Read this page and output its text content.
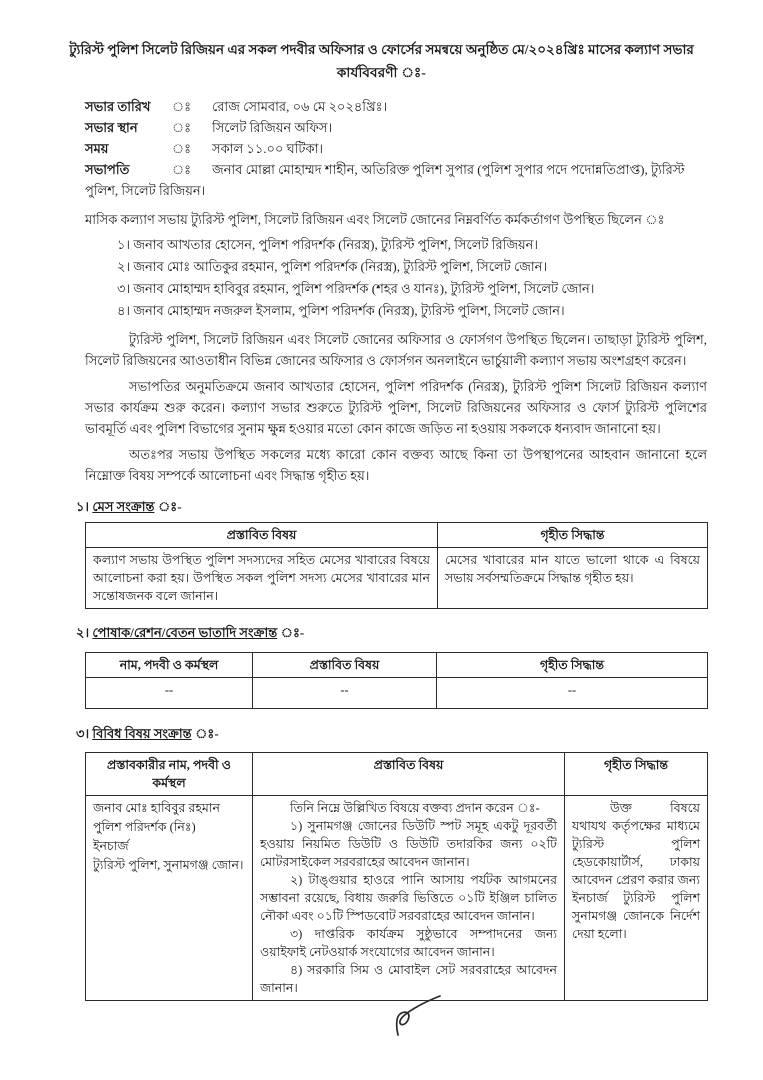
ট্যুরিস্ট পুলিশ সিলেট রিজিয়ন এর সকল পদবীর অফিসার ও ফোর্সের সমন্বয়ে অনুষ্ঠিত মে/২০২৪খ্রিঃ মাসের কল্যাণ সভার
কার্যবিবরণী ঃ-
সভার তারিখ ঃ রোজ সোমবার, ০৬ মে ২০২৪খ্রিঃ।
সভার স্থান	ঃ সিলেট রিজিয়ন অফিস।
সময়	ঃ সকাল ১১.০০ ঘটিকা।
সভাপতি	ঃ জনাব মোল্লা মোহাম্মদ শাহীন, অতিরিক্ত পুলিশ সুপার (পুলিশ সুপার পদে পদোন্নতিপ্রাপ্ত), ট্যুরিস্ট পুলিশ, সিলেট রিজিয়ন।
মাসিক কল্যাণ সভায় ট্যুরিস্ট পুলিশ, সিলেট রিজিয়ন এবং সিলেট জোনের নিম্নবর্ণিত কর্মকর্তাগণ উপস্থিত ছিলেন ঃ
১। জনাব আখতার হোসেন, পুলিশ পরিদর্শক (নিরস্ত্র), ট্যুরিস্ট পুলিশ, সিলেট রিজিয়ন।
২। জনাব মোঃ আতিকুর রহমান, পুলিশ পরিদর্শক (নিরস্ত্র), ট্যুরিস্ট পুলিশ, সিলেট জোন।
৩। জনাব মোহাম্মদ হাবিবুর রহমান, পুলিশ পরিদর্শক (শহর ও যানঃ), ট্যুরিস্ট পুলিশ, সিলেট জোন।
৪। জনাব মোহাম্মদ নজরুল ইসলাম, পুলিশ পরিদর্শক (নিরস্ত্র), ট্যুরিস্ট পুলিশ, সিলেট জোন।
ট্যুরিস্ট পুলিশ, সিলেট রিজিয়ন এবং সিলেট জোনের অফিসার ও ফোর্সগণ উপস্থিত ছিলেন। তাছাড়া ট্যুরিস্ট পুলিশ, সিলেট রিজিয়নের আওতাধীন বিভিন্ন জোনের অফিসার ও ফোর্সগন অনলাইনে ভার্চুয়ালী কল্যাণ সভায় অংশগ্রহণ করেন।
সভাপতির অনুমতিক্রমে জনাব আখতার হোসেন, পুলিশ পরিদর্শক (নিরস্ত্র), ট্যুরিস্ট পুলিশ সিলেট রিজিয়ন কল্যাণ সভার কার্যক্রম শুরু করেন। কল্যাণ সভার শুরুতে ট্যুরিস্ট পুলিশ, সিলেট রিজিয়নের অফিসার ও ফোর্স ট্যুরিস্ট পুলিশের ভাবমূর্তি এবং পুলিশ বিভাগের সুনাম ক্ষুন্ন হওয়ার মতো কোন কাজে জড়িত না হওয়ায় সকলকে ধন্যবাদ জানানো হয়।
অতঃপর সভায় উপস্থিত সকলের মধ্যে কারো কোন বক্তব্য আছে কিনা তা উপস্থাপনের আহবান জানানো হলে নিম্নোক্ত বিষয় সম্পর্কে আলোচনা এবং সিদ্ধান্ত গৃহীত হয়।
১। মেস সংক্রান্ত ঃ-
প্রস্তাবিত বিষয়	গৃহীত সিদ্ধান্ত
কল্যাণ সভায় উপস্থিত পুলিশ সদস্যদের সহিত মেসের খাবারের বিষয়ে আলোচনা করা হয়। উপস্থিত সকল পুলিশ সদস্য মেসের খাবারের মান সন্তোষজনক বলে জানান।	মেসের খাবারের মান যাতে ভালো থাকে এ বিষয়ে সভায় সর্বসম্মতিক্রমে সিদ্ধান্ত গৃহীত হয়।
২। পোষাক/রেশন/বেতন ভাতাদি সংক্রান্ত ঃ-
নাম, পদবী ও কর্মস্থল	প্রস্তাবিত বিষয়	গৃহীত সিদ্ধান্ত
--	--	--
৩। বিবিধ বিষয় সংক্রান্ত ঃ-
প্রস্তাবকারীর নাম, পদবী ও কর্মস্থল	প্রস্তাবিত বিষয়	গৃহীত সিদ্ধান্ত

জনাব মোঃ হাবিবুর রহমান
পুলিশ পরিদর্শক (নিঃ)
ইনচার্জ
ট্যুরিস্ট পুলিশ, সুনামগঞ্জ জোন।

তিনি নিম্নে উল্লিখিত বিষয়ে বক্তব্য প্রদান করেন ঃ-
১) সুনামগঞ্জ জোনের ডিউটি স্পট সমূহ একটু দূরবর্তী হওয়ায় নিয়মিত ডিউটি ও ডিউটি তদারকির জন্য ০২টি মোটরসাইকেল সরবরাহের আবেদন জানান।
২) টাঙ্গুয়ার হাওরে পানি আসায় পর্যটক আগমনের সম্ভাবনা রয়েছে, বিধায় জরুরি ভিত্তিতে ০১টি ইঞ্জিল চালিত নৌকা এবং ০১টি স্পিডবোট সরবরাহের আবেদন জানান।
৩) দাপ্তরিক কার্যক্রম সুষ্ঠুভাবে সম্পাদনের জন্য ওয়াইফাই নেটওয়ার্ক সংযোগের আবেদন জানান।
৪) সরকারি সিম ও মোবাইল সেট সরবরাহের আবেদন জানান।
	উক্ত বিষয়ে যথাযথ কর্তৃপক্ষের মাধ্যমে ট্যুরিস্ট পুলিশ হেডকোয়ার্টার্স, ঢাকায় আবেদন প্রেরণ করার জন্য ইনচার্জ ট্যুরিস্ট পুলিশ সুনামগঞ্জ জোনকে নির্দেশ দেয়া হলো।
